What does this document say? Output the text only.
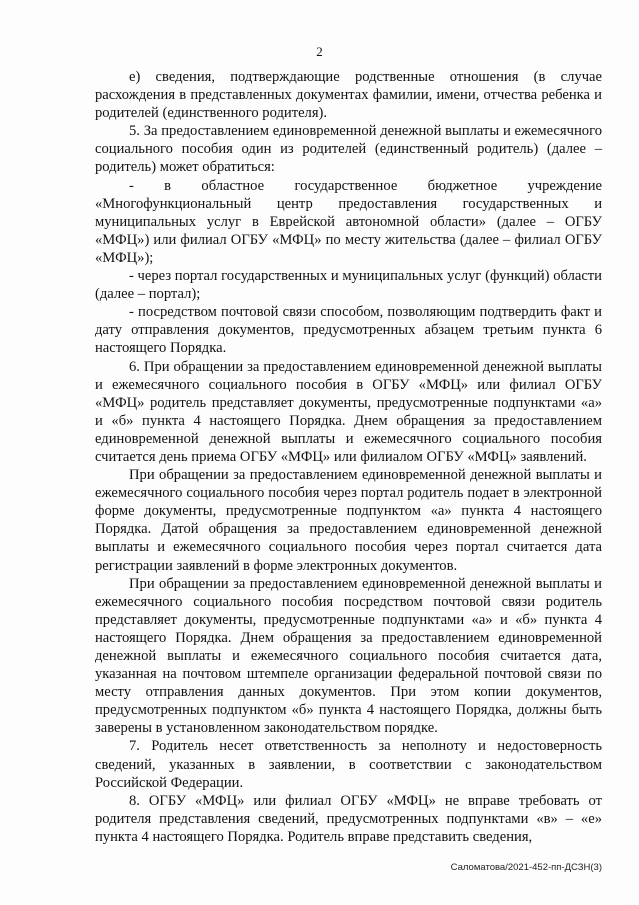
2

е) сведения, подтверждающие родственные отношения (в случае расхождения в представленных документах фамилии, имени, отчества ребенка и родителей (единственного родителя).

5. За предоставлением единовременной денежной выплаты и ежемесячного социального пособия один из родителей (единственный родитель) (далее – родитель) может обратиться:

- в областное государственное бюджетное учреждение «Многофункциональный центр предоставления государственных и муниципальных услуг в Еврейской автономной области» (далее – ОГБУ «МФЦ») или филиал ОГБУ «МФЦ» по месту жительства (далее – филиал ОГБУ «МФЦ»);

- через портал государственных и муниципальных услуг (функций) области (далее – портал);

- посредством почтовой связи способом, позволяющим подтвердить факт и дату отправления документов, предусмотренных абзацем третьим пункта 6 настоящего Порядка.

6. При обращении за предоставлением единовременной денежной выплаты и ежемесячного социального пособия в ОГБУ «МФЦ» или филиал ОГБУ «МФЦ» родитель представляет документы, предусмотренные подпунктами «а» и «б» пункта 4 настоящего Порядка. Днем обращения за предоставлением единовременной денежной выплаты и ежемесячного социального пособия считается день приема ОГБУ «МФЦ» или филиалом ОГБУ «МФЦ» заявлений.

При обращении за предоставлением единовременной денежной выплаты и ежемесячного социального пособия через портал родитель подает в электронной форме документы, предусмотренные подпунктом «а» пункта 4 настоящего Порядка. Датой обращения за предоставлением единовременной денежной выплаты и ежемесячного социального пособия через портал считается дата регистрации заявлений в форме электронных документов.

При обращении за предоставлением единовременной денежной выплаты и ежемесячного социального пособия посредством почтовой связи родитель представляет документы, предусмотренные подпунктами «а» и «б» пункта 4 настоящего Порядка. Днем обращения за предоставлением единовременной денежной выплаты и ежемесячного социального пособия считается дата, указанная на почтовом штемпеле организации федеральной почтовой связи по месту отправления данных документов. При этом копии документов, предусмотренных подпунктом «б» пункта 4 настоящего Порядка, должны быть заверены в установленном законодательством порядке.

7. Родитель несет ответственность за неполноту и недостоверность сведений, указанных в заявлении, в соответствии с законодательством Российской Федерации.

8. ОГБУ «МФЦ» или филиал ОГБУ «МФЦ» не вправе требовать от родителя представления сведений, предусмотренных подпунктами «в» – «е» пункта 4 настоящего Порядка. Родитель вправе представить сведения,

Саломатова/2021-452-пп-ДСЗН(3)
